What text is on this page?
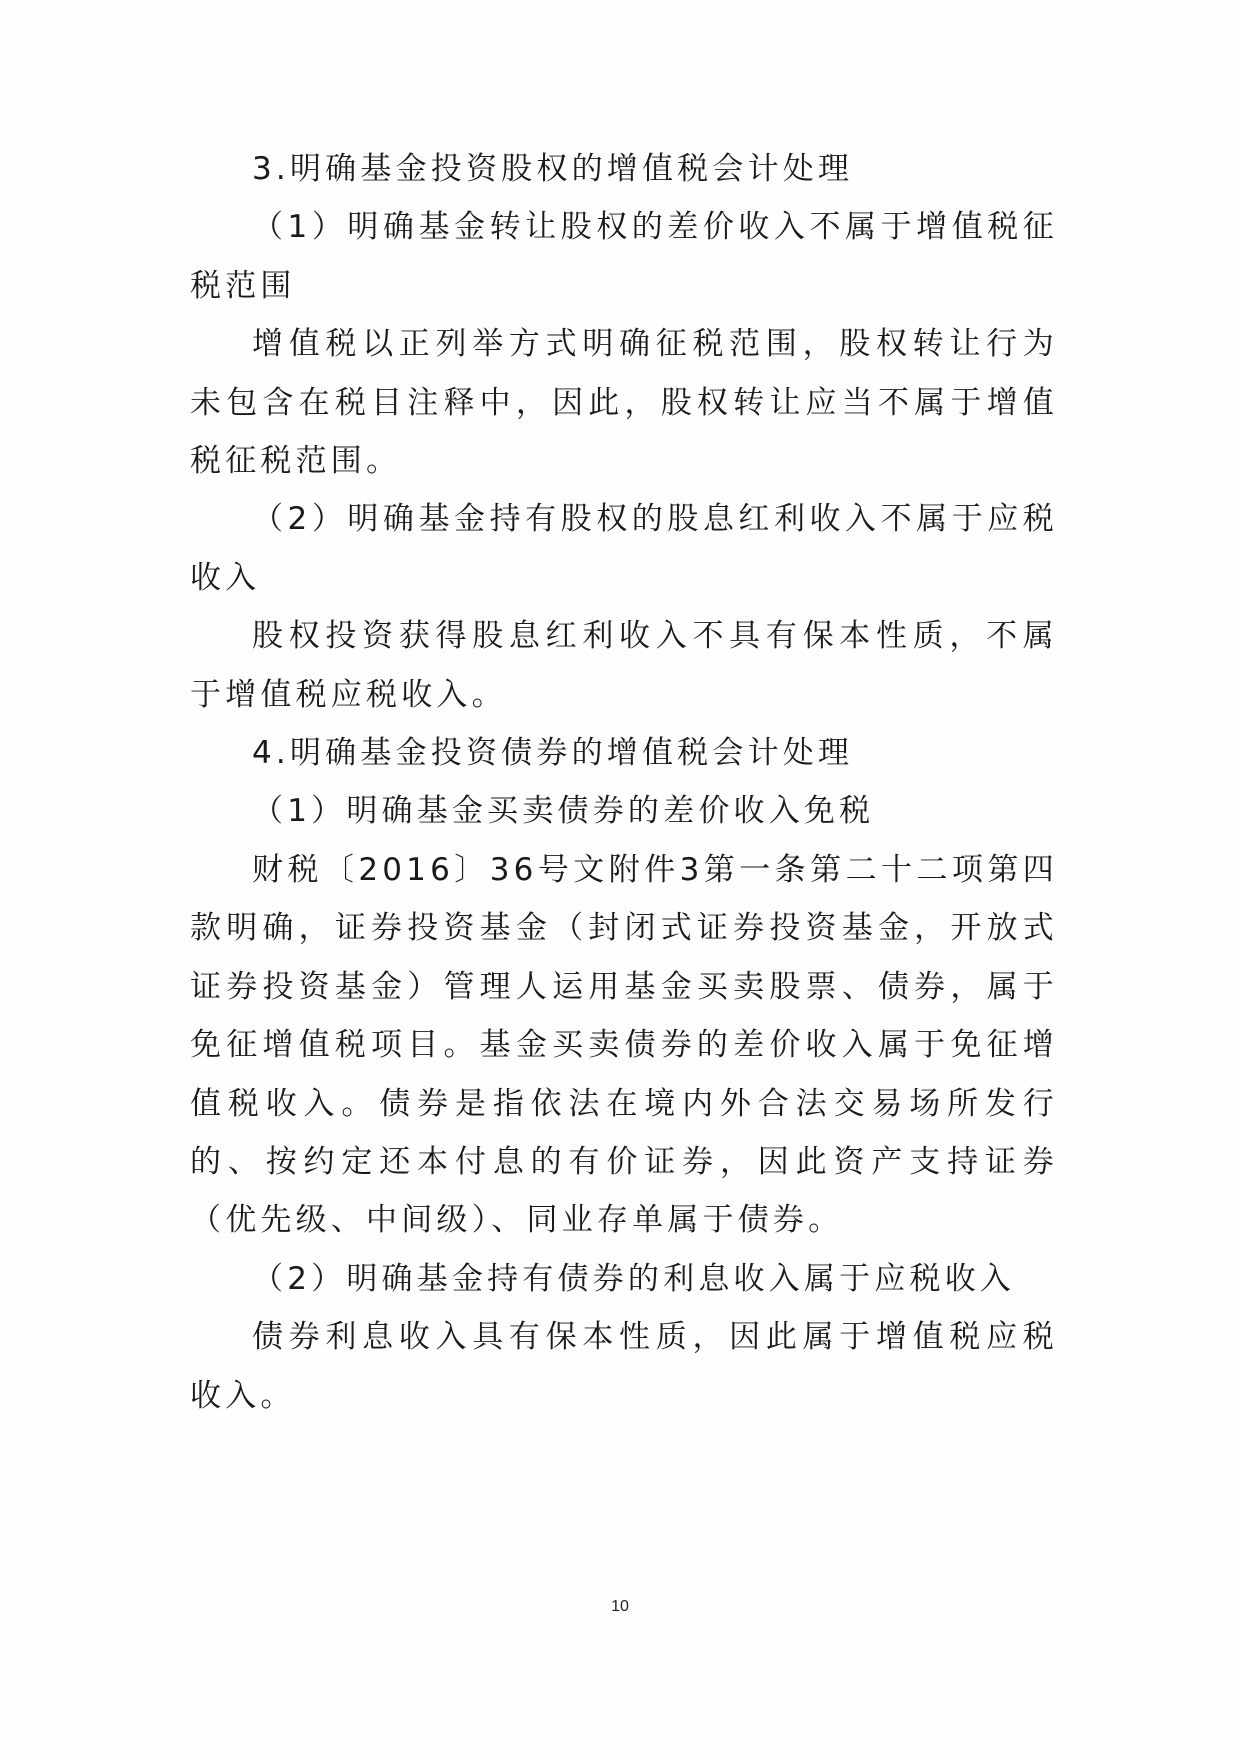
3.明确基金投资股权的增值税会计处理

（1）明确基金转让股权的差价收入不属于增值税征税范围

增值税以正列举方式明确征税范围，股权转让行为未包含在税目注释中，因此，股权转让应当不属于增值税征税范围。

（2）明确基金持有股权的股息红利收入不属于应税收入

股权投资获得股息红利收入不具有保本性质，不属于增值税应税收入。

4.明确基金投资债券的增值税会计处理

（1）明确基金买卖债券的差价收入免税

财税〔2016〕36号文附件3第一条第二十二项第四款明确，证券投资基金（封闭式证券投资基金，开放式证券投资基金）管理人运用基金买卖股票、债券，属于免征增值税项目。基金买卖债券的差价收入属于免征增值税收入。债券是指依法在境内外合法交易场所发行的、按约定还本付息的有价证券，因此资产支持证券（优先级、中间级）、同业存单属于债券。

（2）明确基金持有债券的利息收入属于应税收入

债券利息收入具有保本性质，因此属于增值税应税收入。

10
